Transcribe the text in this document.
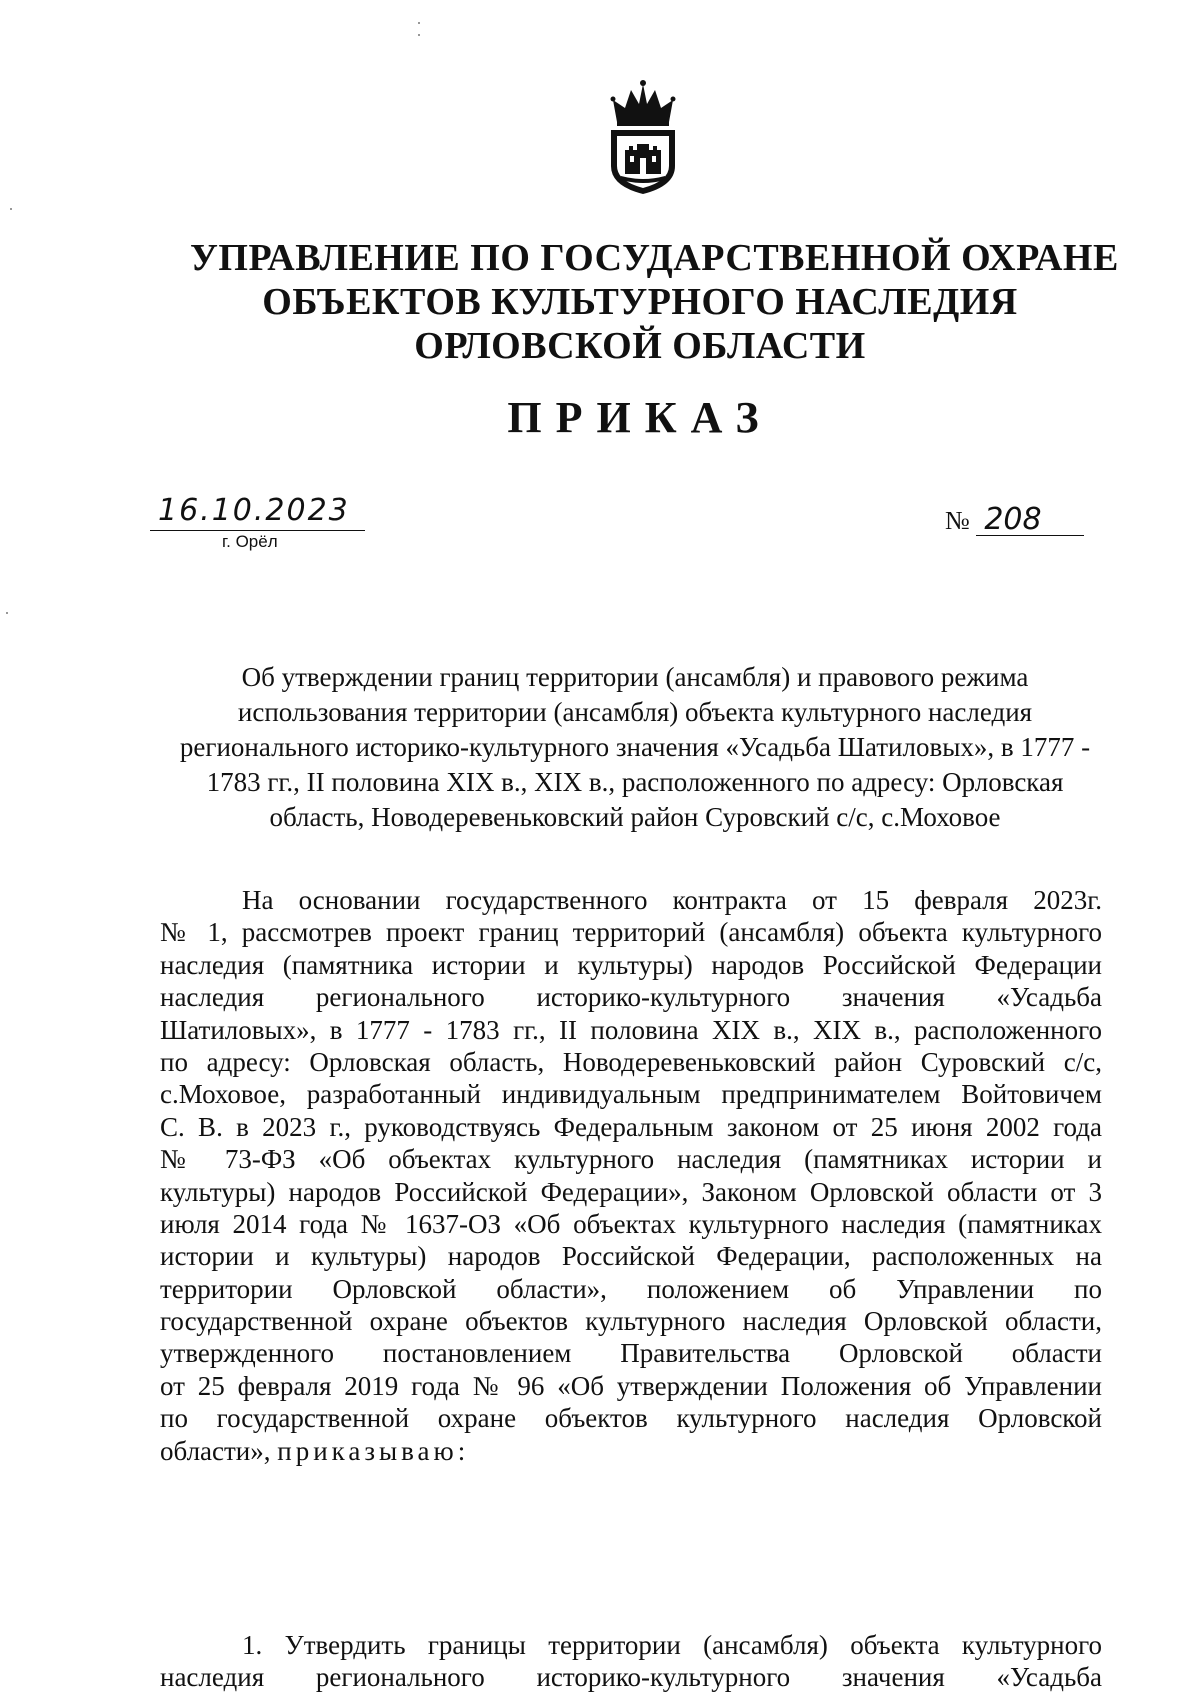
УПРАВЛЕНИЕ ПО ГОСУДАРСТВЕННОЙ ОХРАНЕ
ОБЪЕКТОВ КУЛЬТУРНОГО НАСЛЕДИЯ
ОРЛОВСКОЙ ОБЛАСТИ
ПРИКАЗ
16.10.2023
г. Орёл
№ 208
Об утверждении границ территории (ансамбля) и правового режима
использования территории (ансамбля) объекта культурного наследия
регионального историко-культурного значения «Усадьба Шатиловых», в 1777 -
1783 гг., II половина XIX в., XIX в., расположенного по адресу: Орловская
область, Новодеревеньковский район Суровский с/с, с.Моховое
На основании государственного контракта от 15 февраля 2023г.
№ 1, рассмотрев проект границ территорий (ансамбля) объекта культурного
наследия (памятника истории и культуры) народов Российской Федерации
наследия регионального историко-культурного значения «Усадьба
Шатиловых», в 1777 - 1783 гг., II половина XIX в., XIX в., расположенного
по адресу: Орловская область, Новодеревеньковский район Суровский с/с,
с.Моховое, разработанный индивидуальным предпринимателем Войтовичем
С. В. в 2023 г., руководствуясь Федеральным законом от 25 июня 2002 года
№ 73-ФЗ «Об объектах культурного наследия (памятниках истории и
культуры) народов Российской Федерации», Законом Орловской области от 3
июля 2014 года № 1637-ОЗ «Об объектах культурного наследия (памятниках
истории и культуры) народов Российской Федерации, расположенных на
территории Орловской области», положением об Управлении по
государственной охране объектов культурного наследия Орловской области,
утвержденного постановлением Правительства Орловской области
от 25 февраля 2019 года № 96 «Об утверждении Положения об Управлении
по государственной охране объектов культурного наследия Орловской
области», приказываю:
1. Утвердить границы территории (ансамбля) объекта культурного
наследия регионального историко-культурного значения «Усадьба
